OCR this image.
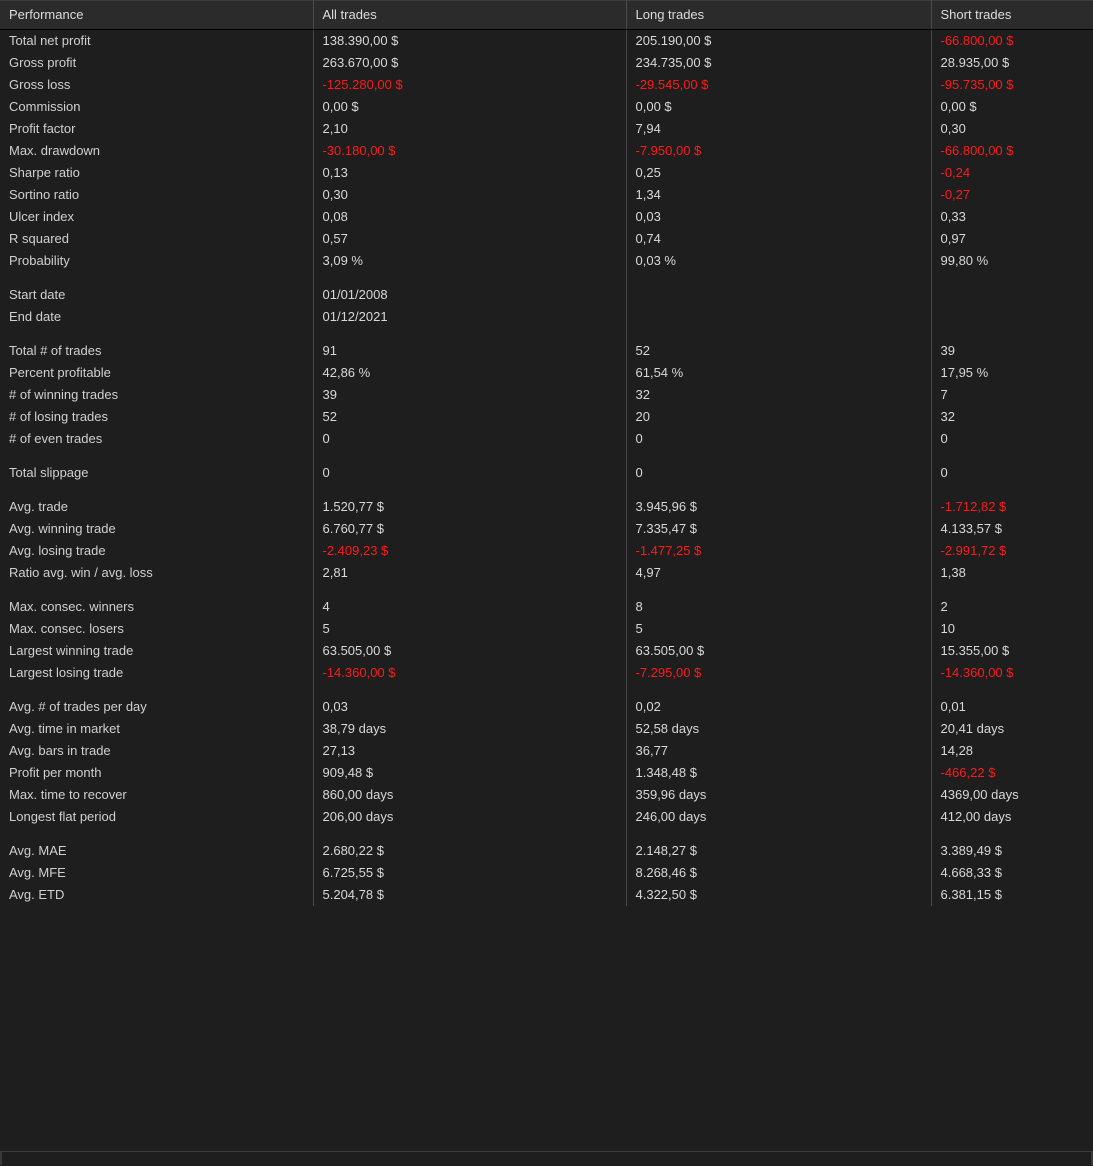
Performance	All trades	Long trades	Short trades
Total net profit	138.390,00 $	205.190,00 $	-66.800,00 $
Gross profit	263.670,00 $	234.735,00 $	28.935,00 $
Gross loss	-125.280,00 $	-29.545,00 $	-95.735,00 $
Commission	0,00 $	0,00 $	0,00 $
Profit factor	2,10	7,94	0,30
Max. drawdown	-30.180,00 $	-7.950,00 $	-66.800,00 $
Sharpe ratio	0,13	0,25	-0,24
Sortino ratio	0,30	1,34	-0,27
Ulcer index	0,08	0,03	0,33
R squared	0,57	0,74	0,97
Probability	3,09 %	0,03 %	99,80 %

Start date	01/01/2008		
End date	01/12/2021		

Total # of trades	91	52	39
Percent profitable	42,86 %	61,54 %	17,95 %
# of winning trades	39	32	7
# of losing trades	52	20	32
# of even trades	0	0	0

Total slippage	0	0	0

Avg. trade	1.520,77 $	3.945,96 $	-1.712,82 $
Avg. winning trade	6.760,77 $	7.335,47 $	4.133,57 $
Avg. losing trade	-2.409,23 $	-1.477,25 $	-2.991,72 $
Ratio avg. win / avg. loss	2,81	4,97	1,38

Max. consec. winners	4	8	2
Max. consec. losers	5	5	10
Largest winning trade	63.505,00 $	63.505,00 $	15.355,00 $
Largest losing trade	-14.360,00 $	-7.295,00 $	-14.360,00 $

Avg. # of trades per day	0,03	0,02	0,01
Avg. time in market	38,79 days	52,58 days	20,41 days
Avg. bars in trade	27,13	36,77	14,28
Profit per month	909,48 $	1.348,48 $	-466,22 $
Max. time to recover	860,00 days	359,96 days	4369,00 days
Longest flat period	206,00 days	246,00 days	412,00 days

Avg. MAE	2.680,22 $	2.148,27 $	3.389,49 $
Avg. MFE	6.725,55 $	8.268,46 $	4.668,33 $
Avg. ETD	5.204,78 $	4.322,50 $	6.381,15 $
